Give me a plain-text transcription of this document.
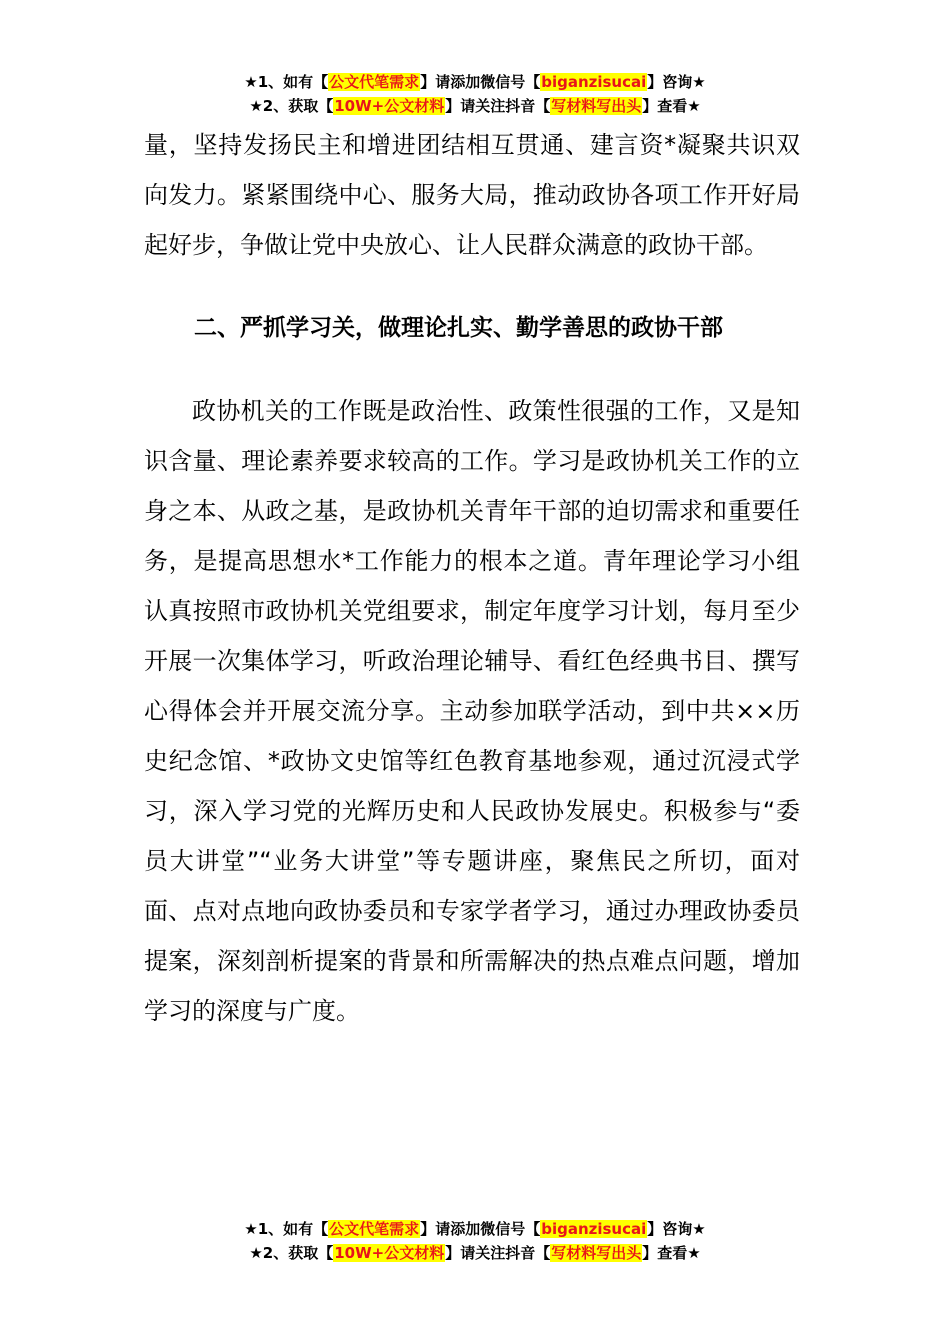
★1、如有【公文代笔需求】请添加微信号【biganzisucai】咨询★
★2、获取【10W+公文材料】请关注抖音【写材料写出头】查看★

量，坚持发扬民主和增进团结相互贯通、建言资*凝聚共识双向发力。紧紧围绕中心、服务大局，推动政协各项工作开好局起好步，争做让党中央放心、让人民群众满意的政协干部。

二、严抓学习关，做理论扎实、勤学善思的政协干部

政协机关的工作既是政治性、政策性很强的工作，又是知识含量、理论素养要求较高的工作。学习是政协机关工作的立身之本、从政之基，是政协机关青年干部的迫切需求和重要任务，是提高思想水*工作能力的根本之道。青年理论学习小组认真按照市政协机关党组要求，制定年度学习计划，每月至少开展一次集体学习，听政治理论辅导、看红色经典书目、撰写心得体会并开展交流分享。主动参加联学活动，到中共××历史纪念馆、*政协文史馆等红色教育基地参观，通过沉浸式学习，深入学习党的光辉历史和人民政协发展史。积极参与“委员大讲堂”“业务大讲堂”等专题讲座，聚焦民之所切，面对面、点对点地向政协委员和专家学者学习，通过办理政协委员提案，深刻剖析提案的背景和所需解决的热点难点问题，增加学习的深度与广度。

★1、如有【公文代笔需求】请添加微信号【biganzisucai】咨询★
★2、获取【10W+公文材料】请关注抖音【写材料写出头】查看★
